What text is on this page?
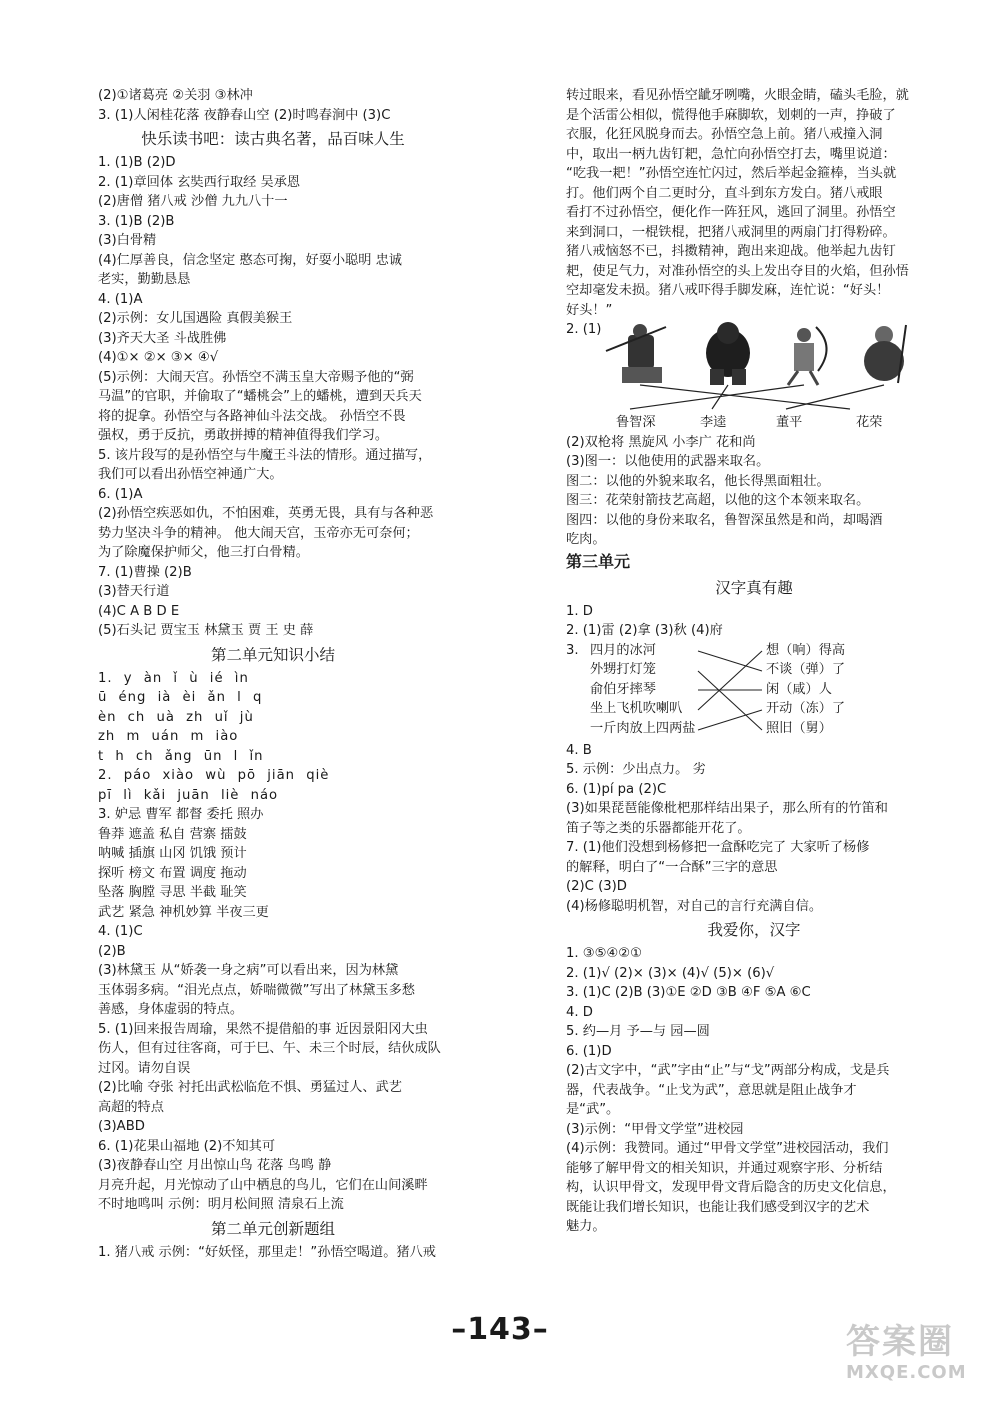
(2)①诸葛亮 ②关羽 ③林冲
3. (1)人闲桂花落 夜静春山空 (2)时鸣春涧中 (3)C
快乐读书吧：读古典名著，品百味人生
1. (1)B (2)D
2. (1)章回体 玄奘西行取经 吴承恩
(2)唐僧 猪八戒 沙僧 九九八十一
3. (1)B (2)B
(3)白骨精
(4)仁厚善良，信念坚定 憨态可掬，好耍小聪明 忠诚
老实，勤勤恳恳
4. (1)A
(2)示例：女儿国遇险 真假美猴王
(3)齐天大圣 斗战胜佛
(4)①× ②× ③× ④√
(5)示例：大闹天宫。孙悟空不满玉皇大帝赐予他的“弼
马温”的官职，并偷取了“蟠桃会”上的蟠桃，遭到天兵天
将的捉拿。孙悟空与各路神仙斗法交战。 孙悟空不畏
强权，勇于反抗，勇敢拼搏的精神值得我们学习。
5. 该片段写的是孙悟空与牛魔王斗法的情形。通过描写，
我们可以看出孙悟空神通广大。
6. (1)A
(2)孙悟空疾恶如仇，不怕困难，英勇无畏，具有与各种恶
势力坚决斗争的精神。 他大闹天宫，玉帝亦无可奈何；
为了除魔保护师父，他三打白骨精。
7. (1)曹操 (2)B
(3)替天行道
(4)C A B D E
(5)石头记 贾宝玉 林黛玉 贾 王 史 薛
第二单元知识小结
1. y àn ǐ ù ié ìn
ū éng ià èi ǎn l q
èn ch uà zh uǐ jù
zh m uán m iào
t h ch ǎng ūn l ǐn
2. páo xiào wù pō jiān qiè
pī lì kǎi juān liè náo
3. 妒忌 曹军 都督 委托 照办
鲁莽 遮盖 私自 营寨 擂鼓
呐喊 插旗 山冈 饥饿 预计
探听 榜文 布置 调度 拖动
坠落 胸膛 寻思 半截 耻笑
武艺 紧急 神机妙算 半夜三更
4. (1)C
(2)B
(3)林黛玉 从“娇袭一身之病”可以看出来，因为林黛
玉体弱多病。“泪光点点，娇喘微微”写出了林黛玉多愁
善感，身体虚弱的特点。
5. (1)回来报告周瑜，果然不提借船的事 近因景阳冈大虫
伤人，但有过往客商，可于巳、午、未三个时辰，结伙成队
过冈。请勿自误
(2)比喻 夺张 衬托出武松临危不惧、勇猛过人、武艺
高超的特点
(3)ABD
6. (1)花果山福地 (2)不知其可
(3)夜静春山空 月出惊山鸟 花落 鸟鸣 静
月亮升起，月光惊动了山中栖息的鸟儿，它们在山间溪畔
不时地鸣叫 示例：明月松间照 清泉石上流
第二单元创新题组
1. 猪八戒 示例：“好妖怪，那里走！”孙悟空喝道。猪八戒
转过眼来，看见孙悟空龇牙咧嘴，火眼金睛，磕头毛脸，就
是个活雷公相似，慌得他手麻脚软，划刺的一声，挣破了
衣服，化狂风脱身而去。孙悟空急上前。猪八戒撞入洞
中，取出一柄九齿钉耙，急忙向孙悟空打去，嘴里说道：
“吃我一耙！”孙悟空连忙闪过，然后举起金箍棒，当头就
打。他们两个自二更时分，直斗到东方发白。猪八戒眼
看打不过孙悟空，便化作一阵狂风，逃回了洞里。孙悟空
来到洞口，一棍铁棍，把猪八戒洞里的两扇门打得粉碎。
猪八戒恼怒不已，抖擞精神，跑出来迎战。他举起九齿钉
耙，使足气力，对准孙悟空的头上发出夺目的火焰，但孙悟
空却毫发未损。猪八戒吓得手脚发麻，连忙说：“好头！
好头！”
2. (1)
鲁智深	李逵	董平	花荣
(2)双枪将 黑旋风 小李广 花和尚
(3)图一：以他使用的武器来取名。
图二：以他的外貌来取名，他长得黑面粗壮。
图三：花荣射箭技艺高超，以他的这个本领来取名。
图四：以他的身份来取名，鲁智深虽然是和尚，却喝酒
吃肉。
第三单元
汉字真有趣
1. D
2. (1)雷 (2)拿 (3)秋 (4)府
3. 四月的冰河
外甥打灯笼
俞伯牙摔琴
坐上飞机吹喇叭
一斤肉放上四两盐
想（响）得高
不谈（弹）了
闲（咸）人
开动（冻）了
照旧（舅）
4. B
5. 示例：少出点力。 劣
6. (1)pí pa (2)C
(3)如果琵琶能像枇杷那样结出果子，那么所有的竹笛和
笛子等之类的乐器都能开花了。
7. (1)他们没想到杨修把一盒酥吃完了 大家听了杨修
的解释，明白了“一合酥”三字的意思
(2)C (3)D
(4)杨修聪明机智，对自己的言行充满自信。
我爱你，汉字
1. ③⑤④②①
2. (1)√ (2)× (3)× (4)√ (5)× (6)√
3. (1)C (2)B (3)①E ②D ③B ④F ⑤A ⑥C
4. D
5. 约—月 予—与 园—圆
6. (1)D
(2)古文字中，“武”字由“止”与“戈”两部分构成，戈是兵
器，代表战争。“止戈为武”，意思就是阻止战争才
是“武”。
(3)示例：“甲骨文学堂”进校园
(4)示例：我赞同。通过“甲骨文学堂”进校园活动，我们
能够了解甲骨文的相关知识，并通过观察字形、分析结
构，认识甲骨文，发现甲骨文背后隐含的历史文化信息，
既能让我们增长知识，也能让我们感受到汉字的艺术
魅力。
–143–	答案圈
MXQE.COM
